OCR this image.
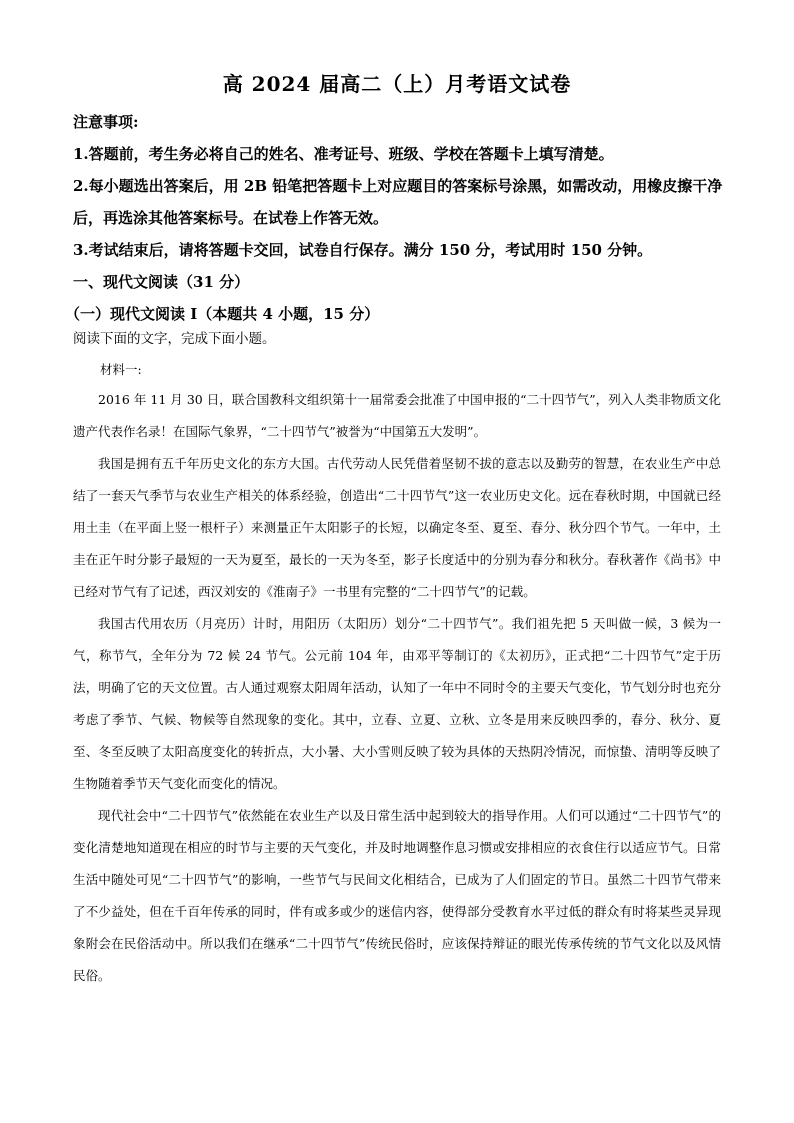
高 2024 届高二（上）月考语文试卷

注意事项:

1.答题前，考生务必将自己的姓名、准考证号、班级、学校在答题卡上填写清楚。

2.每小题选出答案后，用 2B 铅笔把答题卡上对应题目的答案标号涂黑，如需改动，用橡皮擦干净后，再选涂其他答案标号。在试卷上作答无效。

3.考试结束后，请将答题卡交回，试卷自行保存。满分 150 分，考试用时 150 分钟。

一、现代文阅读（31 分）

（一）现代文阅读 I（本题共 4 小题，15 分）

阅读下面的文字，完成下面小题。
材料一:

2016 年 11 月 30 日，联合国教科文组织第十一届常委会批准了中国申报的“二十四节气”，列入人类非物质文化遗产代表作名录！在国际气象界，“二十四节气”被誉为“中国第五大发明”。

我国是拥有五千年历史文化的东方大国。古代劳动人民凭借着坚韧不拔的意志以及勤劳的智慧，在农业生产中总结了一套天气季节与农业生产相关的体系经验，创造出“二十四节气”这一农业历史文化。远在春秋时期，中国就已经用土圭（在平面上竖一根杆子）来测量正午太阳影子的长短，以确定冬至、夏至、春分、秋分四个节气。一年中，土圭在正午时分影子最短的一天为夏至，最长的一天为冬至，影子长度适中的分别为春分和秋分。春秋著作《尚书》中已经对节气有了记述，西汉刘安的《淮南子》一书里有完整的“二十四节气”的记载。

我国古代用农历（月亮历）计时，用阳历（太阳历）划分“二十四节气”。我们祖先把 5 天叫做一候，3 候为一气，称节气，全年分为 72 候 24 节气。公元前 104 年，由邓平等制订的《太初历》，正式把“二十四节气”定于历法，明确了它的天文位置。古人通过观察太阳周年活动，认知了一年中不同时令的主要天气变化，节气划分时也充分考虑了季节、气候、物候等自然现象的变化。其中，立春、立夏、立秋、立冬是用来反映四季的，春分、秋分、夏至、冬至反映了太阳高度变化的转折点，大小暑、大小雪则反映了较为具体的天热阴冷情况，而惊蛰、清明等反映了生物随着季节天气变化而变化的情况。

现代社会中“二十四节气”依然能在农业生产以及日常生活中起到较大的指导作用。人们可以通过“二十四节气”的变化清楚地知道现在相应的时节与主要的天气变化，并及时地调整作息习惯或安排相应的衣食住行以适应节气。日常生活中随处可见“二十四节气”的影响，一些节气与民间文化相结合，已成为了人们固定的节日。虽然二十四节气带来了不少益处，但在千百年传承的同时，伴有或多或少的迷信内容，使得部分受教育水平过低的群众有时将某些灵异现象附会在民俗活动中。所以我们在继承“二十四节气”传统民俗时，应该保持辩证的眼光传承传统的节气文化以及风情民俗。
